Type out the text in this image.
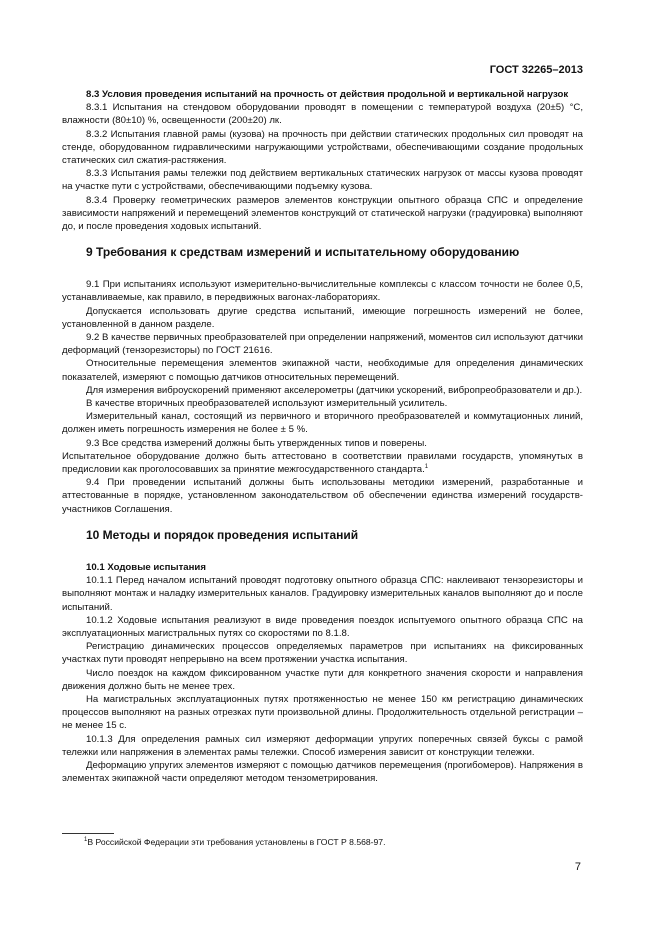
ГОСТ 32265–2013

8.3 Условия проведения испытаний на прочность от действия продольной и вертикальной нагрузок

8.3.1 Испытания на стендовом оборудовании проводят в помещении с температурой воздуха (20±5) °С, влажности (80±10) %, освещенности (200±20) лк.

8.3.2 Испытания главной рамы (кузова) на прочность при действии статических продольных сил проводят на стенде, оборудованном гидравлическими нагружающими устройствами, обеспечивающими создание продольных статических сил сжатия-растяжения.

8.3.3 Испытания рамы тележки под действием вертикальных статических нагрузок от массы кузова проводят на участке пути с устройствами, обеспечивающими подъемку кузова.

8.3.4 Проверку геометрических размеров элементов конструкции опытного образца СПС и определение зависимости напряжений и перемещений элементов конструкций от статической нагрузки (градуировка) выполняют до, и после проведения ходовых испытаний.

9 Требования к средствам измерений и испытательному оборудованию

9.1 При испытаниях используют измерительно-вычислительные комплексы с классом точности не более 0,5, устанавливаемые, как правило, в передвижных вагонах-лабораториях.

Допускается использовать другие средства испытаний, имеющие погрешность измерений не более, установленной в данном разделе.

9.2 В качестве первичных преобразователей при определении напряжений, моментов сил используют датчики деформаций (тензорезисторы) по ГОСТ 21616.

Относительные перемещения элементов экипажной части, необходимые для определения динамических показателей, измеряют с помощью датчиков относительных перемещений.

Для измерения виброускорений применяют акселерометры (датчики ускорений, вибропреобразователи и др.).

В качестве вторичных преобразователей используют измерительный усилитель.

Измерительный канал, состоящий из первичного и вторичного преобразователей и коммутационных линий, должен иметь погрешность измерения не более ± 5 %.

9.3 Все средства измерений должны быть утвержденных типов и поверены.

Испытательное оборудование должно быть аттестовано в соответствии правилами государств, упомянутых в предисловии как проголосовавших за принятие межгосударственного стандарта.$^1$

9.4 При проведении испытаний должны быть использованы методики измерений, разработанные и аттестованные в порядке, установленном законодательством об обеспечении единства измерений государств-участников Соглашения.

10 Методы и порядок проведения испытаний

10.1 Ходовые испытания

10.1.1 Перед началом испытаний проводят подготовку опытного образца СПС: наклеивают тензорезисторы и выполняют монтаж и наладку измерительных каналов. Градуировку измерительных каналов выполняют до и после испытаний.

10.1.2 Ходовые испытания реализуют в виде проведения поездок испытуемого опытного образца СПС на эксплуатационных магистральных путях со скоростями по 8.1.8.

Регистрацию динамических процессов определяемых параметров при испытаниях на фиксированных участках пути проводят непрерывно на всем протяжении участка испытания.

Число поездок на каждом фиксированном участке пути для конкретного значения скорости и направления движения должно быть не менее трех.

На магистральных эксплуатационных путях протяженностью не менее 150 км регистрацию динамических процессов выполняют на разных отрезках пути произвольной длины. Продолжительность отдельной регистрации – не менее 15 с.

10.1.3 Для определения рамных сил измеряют деформации упругих поперечных связей буксы с рамой тележки или напряжения в элементах рамы тележки. Способ измерения зависит от конструкции тележки.

Деформацию упругих элементов измеряют с помощью датчиков перемещения (прогибомеров). Напряжения в элементах экипажной части определяют методом тензометрирования.

$^1$В Российской Федерации эти требования установлены в ГОСТ Р 8.568-97.
7
